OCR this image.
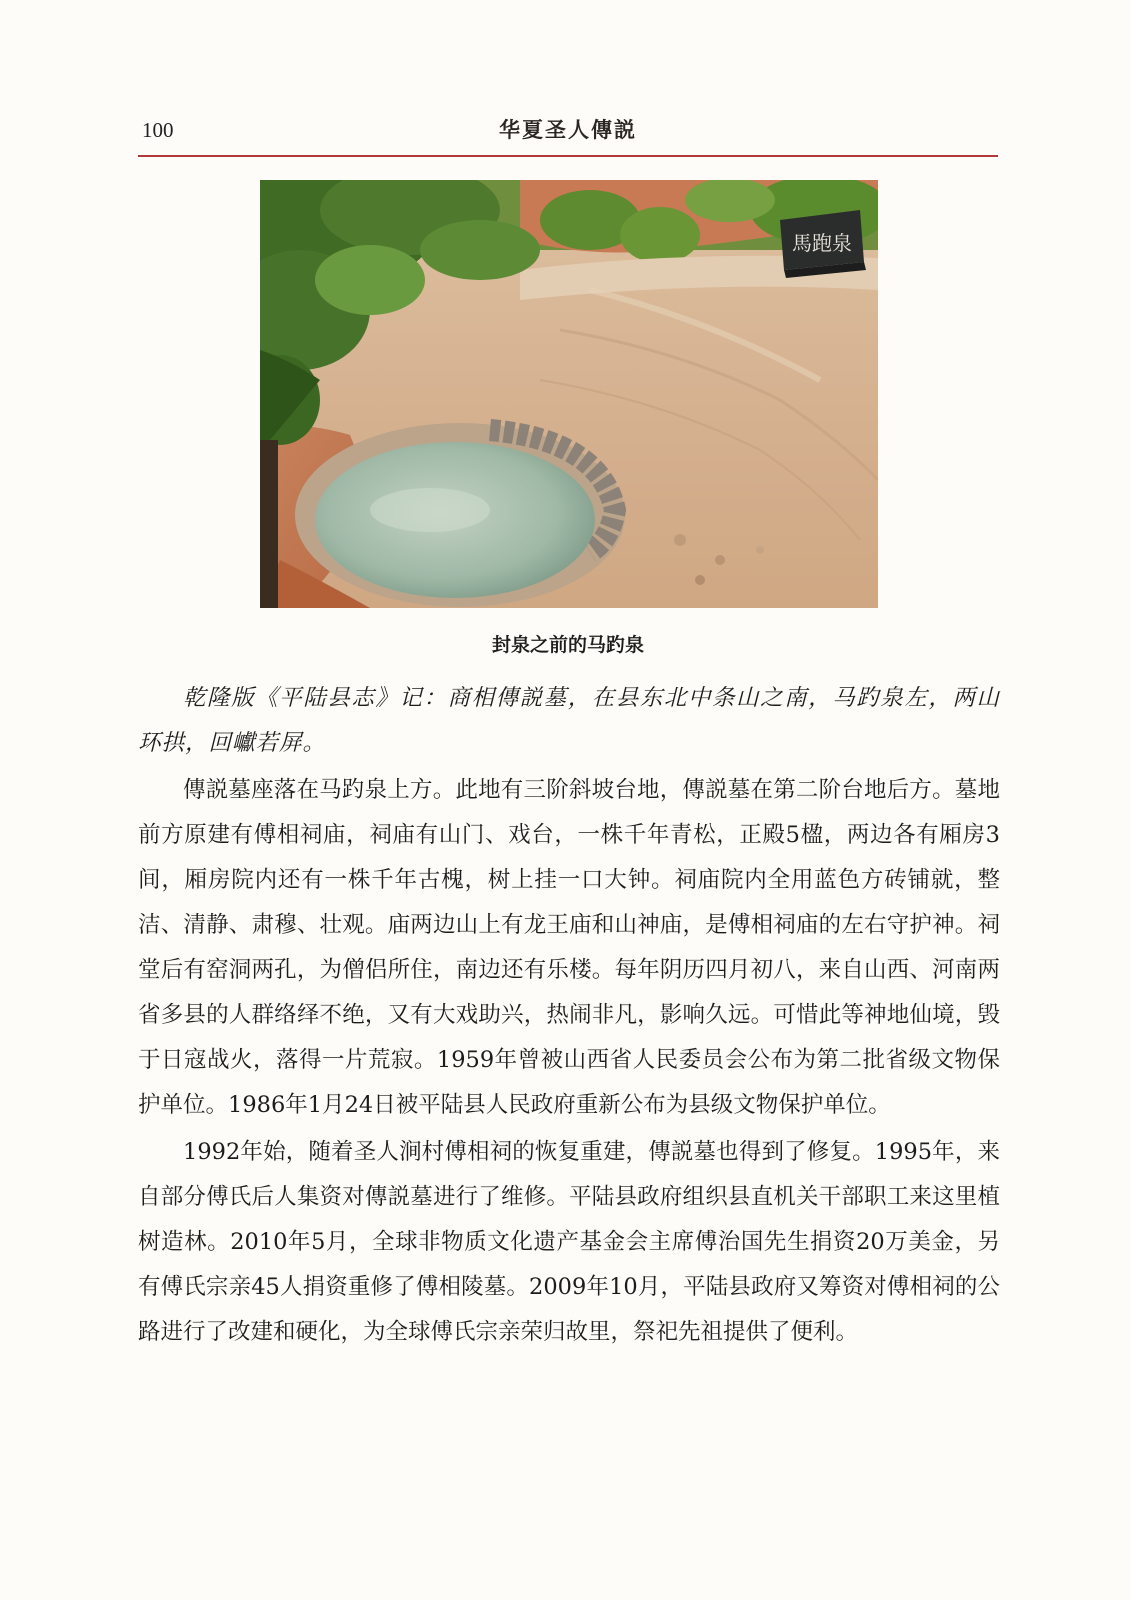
100	华夏圣人傳説
馬跑泉
封泉之前的马趵泉

乾隆版《平陆县志》记：商相傳説墓，在县东北中条山之南，马趵泉左，两山环拱，回巘若屏。

傳説墓座落在马趵泉上方。此地有三阶斜坡台地，傳説墓在第二阶台地后方。墓地前方原建有傅相祠庙，祠庙有山门、戏台，一株千年青松，正殿5楹，两边各有厢房3间，厢房院内还有一株千年古槐，树上挂一口大钟。祠庙院内全用蓝色方砖铺就，整洁、清静、肃穆、壮观。庙两边山上有龙王庙和山神庙，是傅相祠庙的左右守护神。祠堂后有窑洞两孔，为僧侣所住，南边还有乐楼。每年阴历四月初八，来自山西、河南两省多县的人群络绎不绝，又有大戏助兴，热闹非凡，影响久远。可惜此等神地仙境，毁于日寇战火，落得一片荒寂。1959年曾被山西省人民委员会公布为第二批省级文物保护单位。1986年1月24日被平陆县人民政府重新公布为县级文物保护单位。

1992年始，随着圣人涧村傅相祠的恢复重建，傳説墓也得到了修复。1995年，来自部分傅氏后人集资对傳説墓进行了维修。平陆县政府组织县直机关干部职工来这里植树造林。2010年5月，全球非物质文化遗产基金会主席傅治国先生捐资20万美金，另有傅氏宗亲45人捐资重修了傅相陵墓。2009年10月，平陆县政府又筹资对傅相祠的公路进行了改建和硬化，为全球傅氏宗亲荣归故里，祭祀先祖提供了便利。
